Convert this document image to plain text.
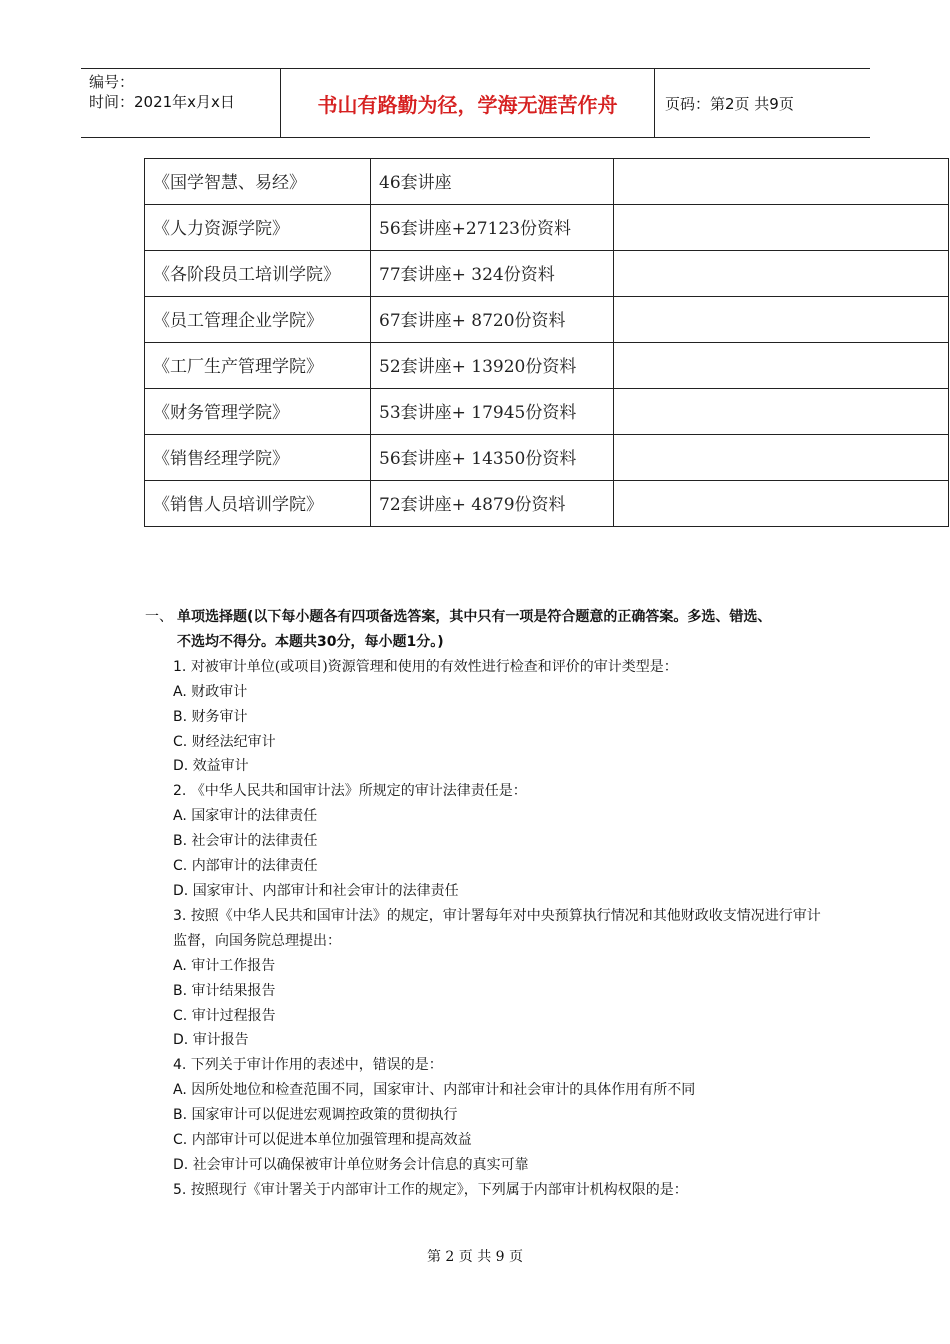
编号：
时间：2021年x月x日	书山有路勤为径，学海无涯苦作舟	页码：第2页 共9页
《国学智慧、易经》	46套讲座	
《人力资源学院》	56套讲座+27123份资料	
《各阶段员工培训学院》	77套讲座+ 324份资料	
《员工管理企业学院》	67套讲座+ 8720份资料	
《工厂生产管理学院》	52套讲座+ 13920份资料	
《财务管理学院》	53套讲座+ 17945份资料	
《销售经理学院》	56套讲座+ 14350份资料	
《销售人员培训学院》	72套讲座+ 4879份资料	
一、 单项选择题(以下每小题各有四项备选答案，其中只有一项是符合题意的正确答案。多选、错选、
不选均不得分。本题共30分，每小题1分。)
1. 对被审计单位(或项目)资源管理和使用的有效性进行检查和评价的审计类型是：
A. 财政审计
B. 财务审计
C. 财经法纪审计
D. 效益审计
2. 《中华人民共和国审计法》所规定的审计法律责任是：
A. 国家审计的法律责任
B. 社会审计的法律责任
C. 内部审计的法律责任
D. 国家审计、内部审计和社会审计的法律责任
3. 按照《中华人民共和国审计法》的规定，审计署每年对中央预算执行情况和其他财政收支情况进行审计监督，向国务院总理提出：
A. 审计工作报告
B. 审计结果报告
C. 审计过程报告
D. 审计报告
4. 下列关于审计作用的表述中，错误的是：
A. 因所处地位和检查范围不同，国家审计、内部审计和社会审计的具体作用有所不同
B. 国家审计可以促进宏观调控政策的贯彻执行
C. 内部审计可以促进本单位加强管理和提高效益
D. 社会审计可以确保被审计单位财务会计信息的真实可靠
5. 按照现行《审计署关于内部审计工作的规定》，下列属于内部审计机构权限的是：
第 2 页 共 9 页
